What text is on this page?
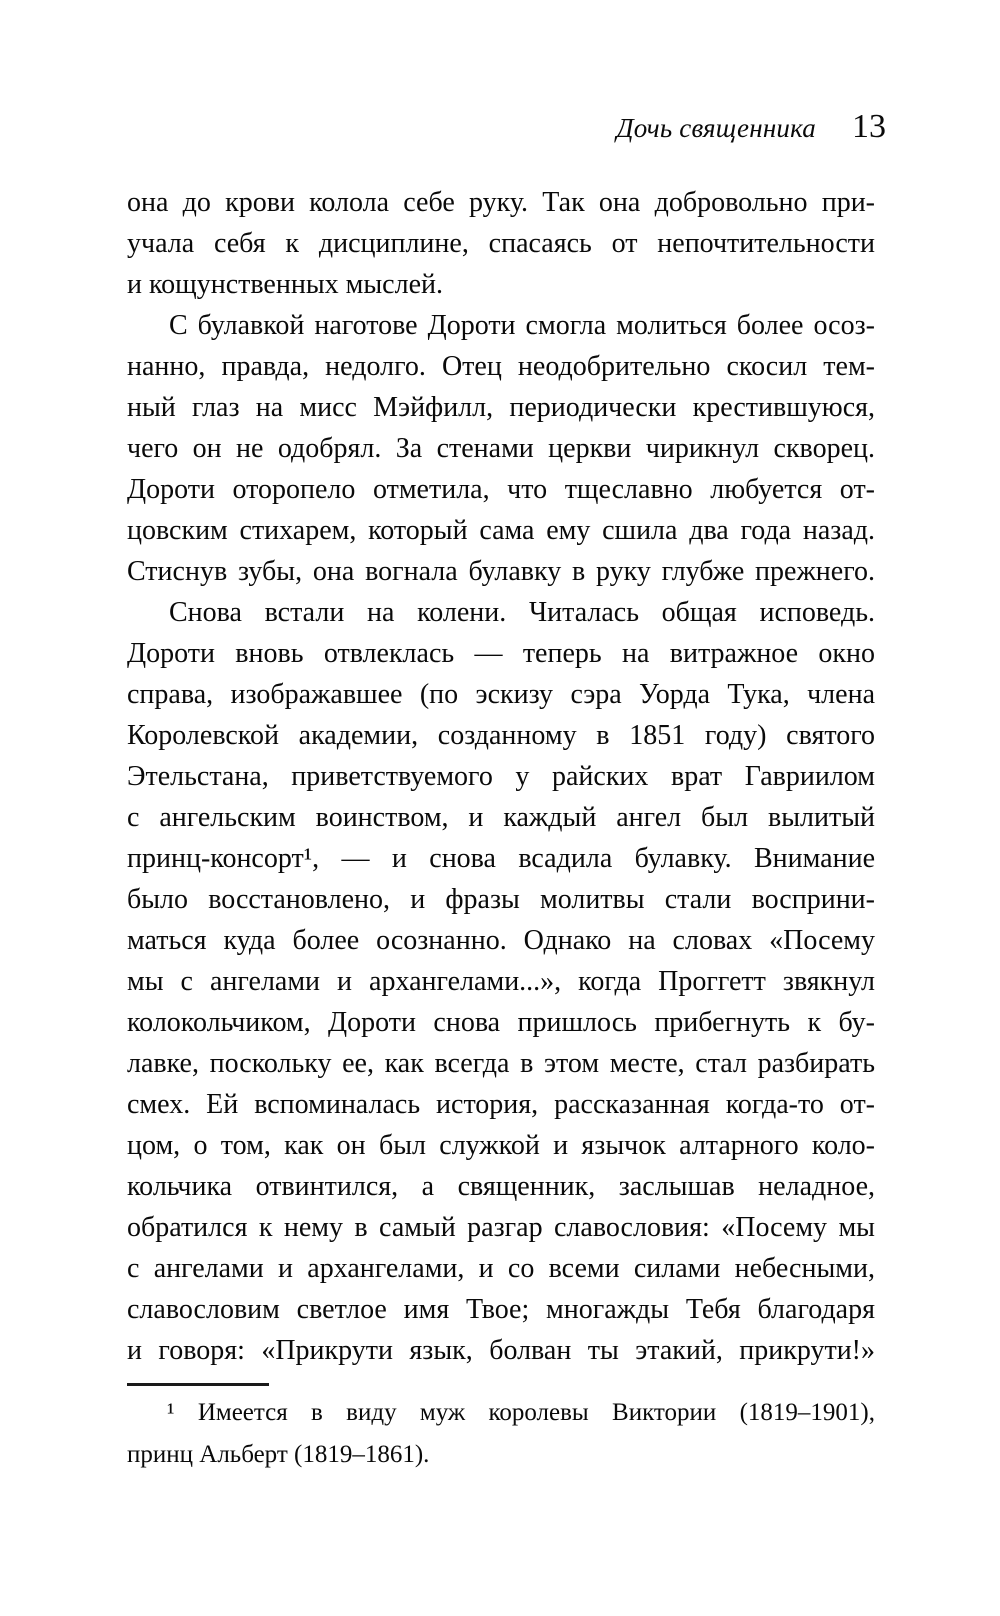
Дочь священника 13
она до крови колола себе руку. Так она добровольно при-
учала себя к дисциплине, спасаясь от непочтительности
и кощунственных мыслей.
С булавкой наготове Дороти смогла молиться более осоз-
нанно, правда, недолго. Отец неодобрительно скосил тем-
ный глаз на мисс Мэйфилл, периодически крестившуюся,
чего он не одобрял. За стенами церкви чирикнул скворец.
Дороти оторопело отметила, что тщеславно любуется от-
цовским стихарем, который сама ему сшила два года назад.
Стиснув зубы, она вогнала булавку в руку глубже прежнего.
Снова встали на колени. Читалась общая исповедь.
Дороти вновь отвлеклась — теперь на витражное окно
справа, изображавшее (по эскизу сэра Уорда Тука, члена
Королевской академии, созданному в 1851 году) святого
Этельстана, приветствуемого у райских врат Гавриилом
с ангельским воинством, и каждый ангел был вылитый
принц-консорт¹, — и снова всадила булавку. Внимание
было восстановлено, и фразы молитвы стали восприни-
маться куда более осознанно. Однако на словах «Посему
мы с ангелами и архангелами...», когда Проггетт звякнул
колокольчиком, Дороти снова пришлось прибегнуть к бу-
лавке, поскольку ее, как всегда в этом месте, стал разбирать
смех. Ей вспоминалась история, рассказанная когда-то от-
цом, о том, как он был служкой и язычок алтарного коло-
кольчика отвинтился, а священник, заслышав неладное,
обратился к нему в самый разгар славословия: «Посему мы
с ангелами и архангелами, и со всеми силами небесными,
славословим светлое имя Твое; многажды Тебя благодаря
и говоря: «Прикрути язык, болван ты этакий, прикрути!»
¹ Имеется в виду муж королевы Виктории (1819–1901),
принц Альберт (1819–1861).
